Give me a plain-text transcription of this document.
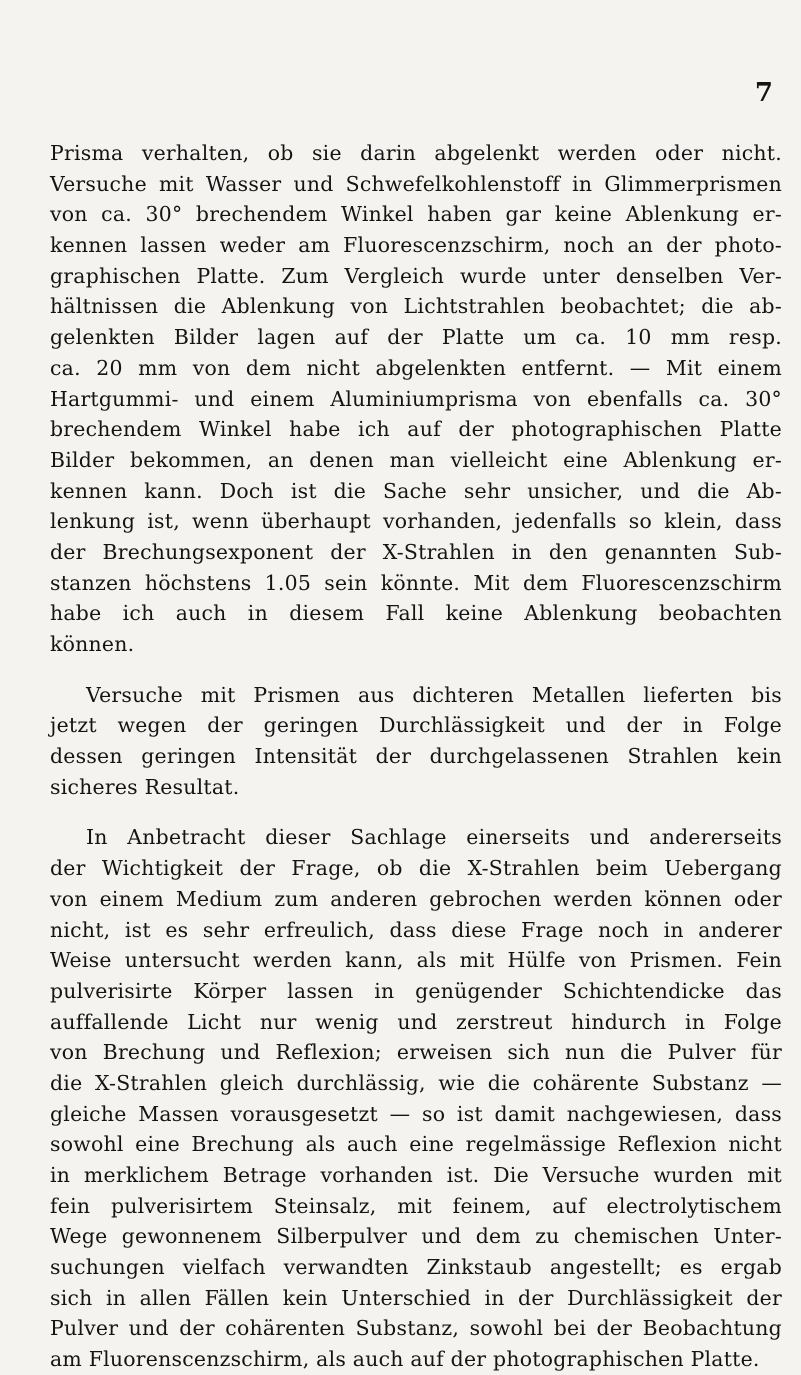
7
Prisma verhalten, ob sie darin abgelenkt werden oder nicht.
Versuche mit Wasser und Schwefelkohlenstoff in Glimmerprismen
von ca. 30° brechendem Winkel haben gar keine Ablenkung er-
kennen lassen weder am Fluorescenzschirm, noch an der photo-
graphischen Platte. Zum Vergleich wurde unter denselben Ver-
hältnissen die Ablenkung von Lichtstrahlen beobachtet; die ab-
gelenkten Bilder lagen auf der Platte um ca. 10 mm resp.
ca. 20 mm von dem nicht abgelenkten entfernt. — Mit einem
Hartgummi- und einem Aluminiumprisma von ebenfalls ca. 30°
brechendem Winkel habe ich auf der photographischen Platte
Bilder bekommen, an denen man vielleicht eine Ablenkung er-
kennen kann. Doch ist die Sache sehr unsicher, und die Ab-
lenkung ist, wenn überhaupt vorhanden, jedenfalls so klein, dass
der Brechungsexponent der X-Strahlen in den genannten Sub-
stanzen höchstens 1.05 sein könnte. Mit dem Fluorescenzschirm
habe ich auch in diesem Fall keine Ablenkung beobachten
können.
Versuche mit Prismen aus dichteren Metallen lieferten bis
jetzt wegen der geringen Durchlässigkeit und der in Folge
dessen geringen Intensität der durchgelassenen Strahlen kein
sicheres Resultat.
In Anbetracht dieser Sachlage einerseits und andererseits
der Wichtigkeit der Frage, ob die X-Strahlen beim Uebergang
von einem Medium zum anderen gebrochen werden können oder
nicht, ist es sehr erfreulich, dass diese Frage noch in anderer
Weise untersucht werden kann, als mit Hülfe von Prismen. Fein
pulverisirte Körper lassen in genügender Schichtendicke das
auffallende Licht nur wenig und zerstreut hindurch in Folge
von Brechung und Reflexion; erweisen sich nun die Pulver für
die X-Strahlen gleich durchlässig, wie die cohärente Substanz —
gleiche Massen vorausgesetzt — so ist damit nachgewiesen, dass
sowohl eine Brechung als auch eine regelmässige Reflexion nicht
in merklichem Betrage vorhanden ist. Die Versuche wurden mit
fein pulverisirtem Steinsalz, mit feinem, auf electrolytischem
Wege gewonnenem Silberpulver und dem zu chemischen Unter-
suchungen vielfach verwandten Zinkstaub angestellt; es ergab
sich in allen Fällen kein Unterschied in der Durchlässigkeit der
Pulver und der cohärenten Substanz, sowohl bei der Beobachtung
am Fluorenscenzschirm, als auch auf der photographischen Platte.
